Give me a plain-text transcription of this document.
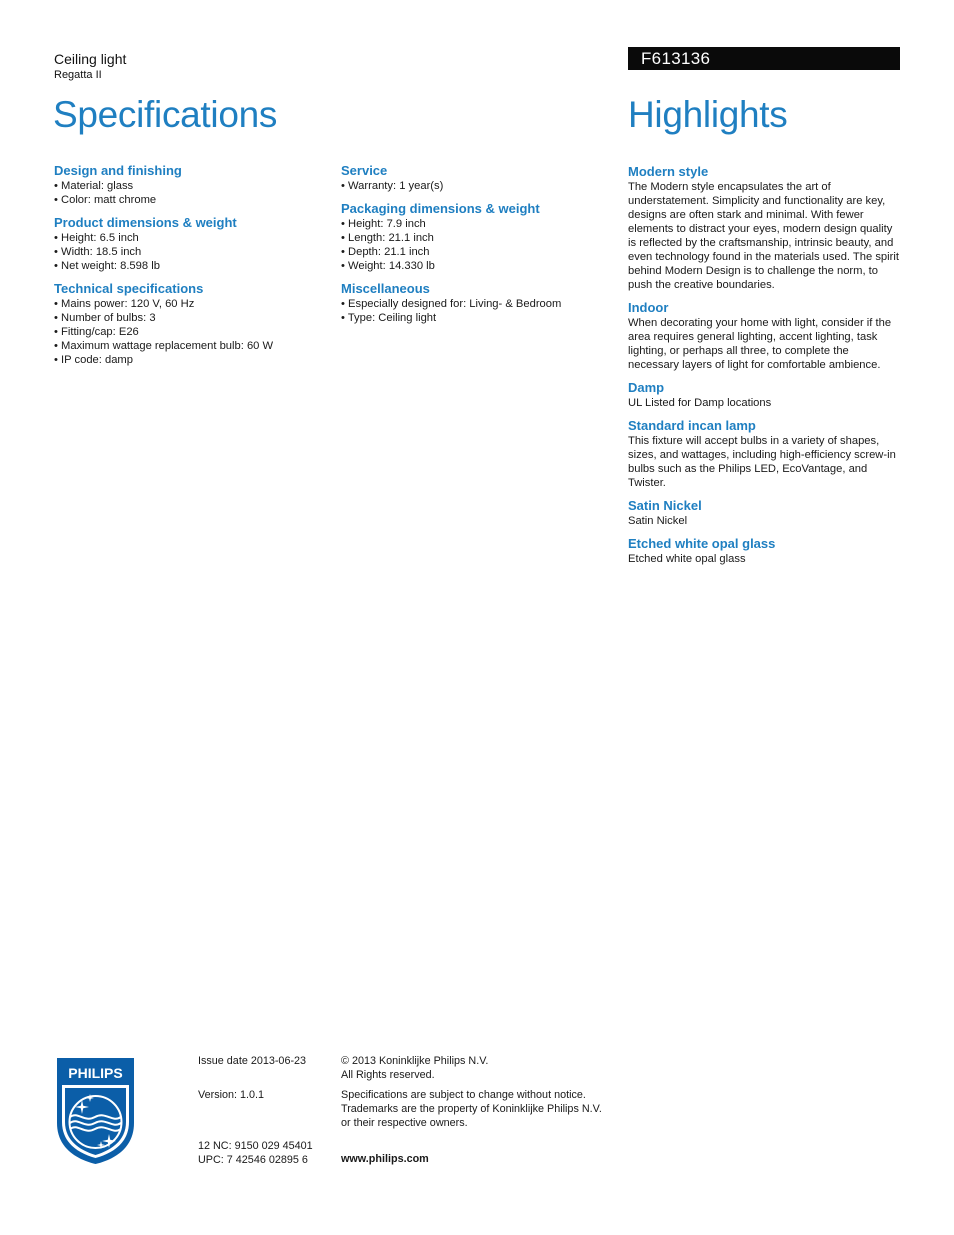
Ceiling light
Regatta II
Specifications
F613136
Highlights
Design and finishing
• Material: glass
• Color: matt chrome
Product dimensions & weight
• Height: 6.5 inch
• Width: 18.5 inch
• Net weight: 8.598 lb
Technical specifications
• Mains power: 120 V, 60 Hz
• Number of bulbs: 3
• Fitting/cap: E26
• Maximum wattage replacement bulb: 60 W
• IP code: damp
Service
• Warranty: 1 year(s)
Packaging dimensions & weight
• Height: 7.9 inch
• Length: 21.1 inch
• Depth: 21.1 inch
• Weight: 14.330 lb
Miscellaneous
• Especially designed for: Living- & Bedroom
• Type: Ceiling light
Modern style
The Modern style encapsulates the art of
understatement. Simplicity and functionality are key,
designs are often stark and minimal. With fewer
elements to distract your eyes, modern design quality
is reflected by the craftsmanship, intrinsic beauty, and
even technology found in the materials used. The spirit
behind Modern Design is to challenge the norm, to
push the creative boundaries.
Indoor
When decorating your home with light, consider if the
area requires general lighting, accent lighting, task
lighting, or perhaps all three, to complete the
necessary layers of light for comfortable ambience.
Damp
UL Listed for Damp locations
Standard incan lamp
This fixture will accept bulbs in a variety of shapes,
sizes, and wattages, including high-efficiency screw-in
bulbs such as the Philips LED, EcoVantage, and
Twister.
Satin Nickel
Satin Nickel
Etched white opal glass
Etched white opal glass
PHILIPS
Issue date 2013-06-23
Version: 1.0.1
12 NC: 9150 029 45401
UPC: 7 42546 02895 6
© 2013 Koninklijke Philips N.V.
All Rights reserved.
Specifications are subject to change without notice.
Trademarks are the property of Koninklijke Philips N.V.
or their respective owners.
www.philips.com
